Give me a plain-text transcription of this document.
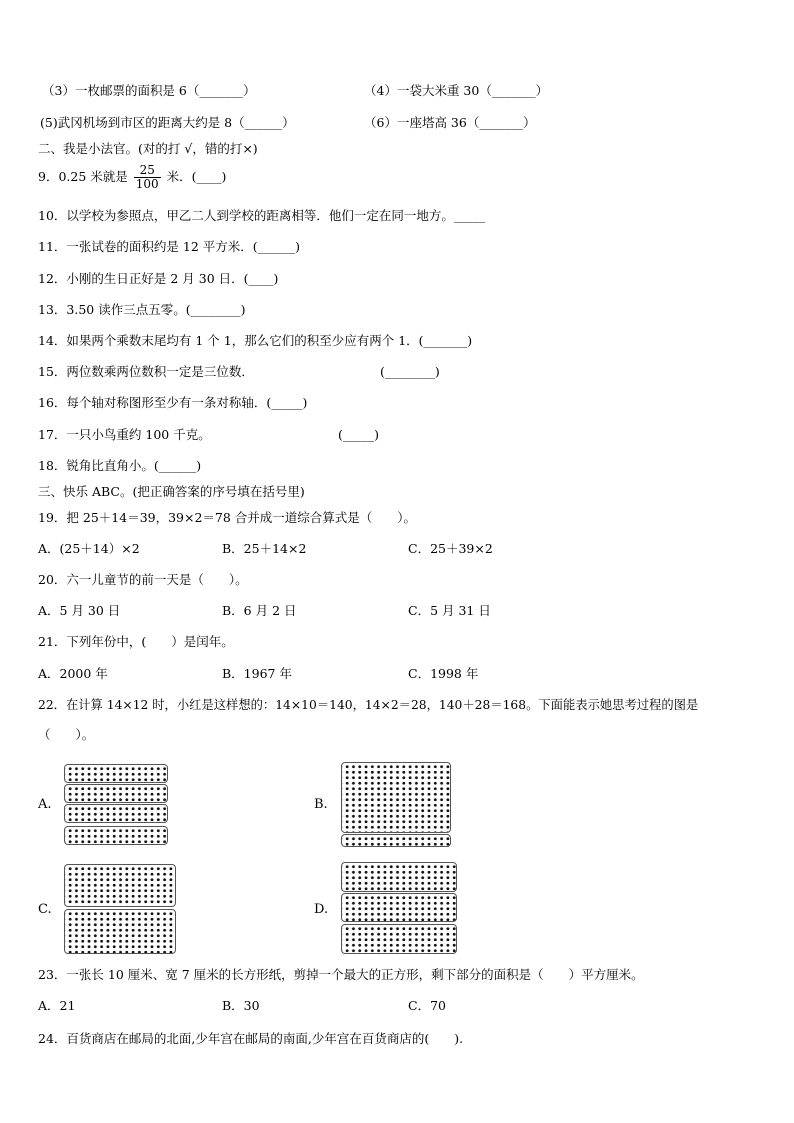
（3）一枚邮票的面积是 6（_______）	（4）一袋大米重 30（_______）
(5)武冈机场到市区的距离大约是 8（______）	（6）一座塔高 36（_______）
二、我是小法官。(对的打 √，错的打×)
9．0.25 米就是 $\frac{25}{100}$ 米．(____)
10．以学校为参照点，甲乙二人到学校的距离相等．他们一定在同一地方。_____
11．一张试卷的面积约是 12 平方米．(______)
12．小刚的生日正好是 2 月 30 日．(____)
13．3.50 读作三点五零。(________)
14．如果两个乘数末尾均有 1 个 1，那么它们的积至少应有两个 1．(_______)
15．两位数乘两位数积一定是三位数．	(________)
16．每个轴对称图形至少有一条对称轴．(_____)
17．一只小鸟重约 100 千克。	(_____)
18．锐角比直角小。(______)
三、快乐 ABC。(把正确答案的序号填在括号里)
19．把 25＋14＝39，39×2＝78 合并成一道综合算式是（　　）。
A．(25＋14）×2	B．25＋14×2	C．25＋39×2
20．六一儿童节的前一天是（　　）。
A．5 月 30 日	B．6 月 2 日	C．5 月 31 日
21．下列年份中，(　　）是闰年。
A．2000 年	B．1967 年	C．1998 年
22．在计算 14×12 时，小红是这样想的：14×10＝140，14×2＝28，140＋28＝168。下面能表示她思考过程的图是
（　　）。
A.	B.
C.	D.
23．一张长 10 厘米、宽 7 厘米的长方形纸，剪掉一个最大的正方形，剩下部分的面积是（　　）平方厘米。
A．21	B．30	C．70
24．百货商店在邮局的北面,少年宫在邮局的南面,少年宫在百货商店的(　　).
